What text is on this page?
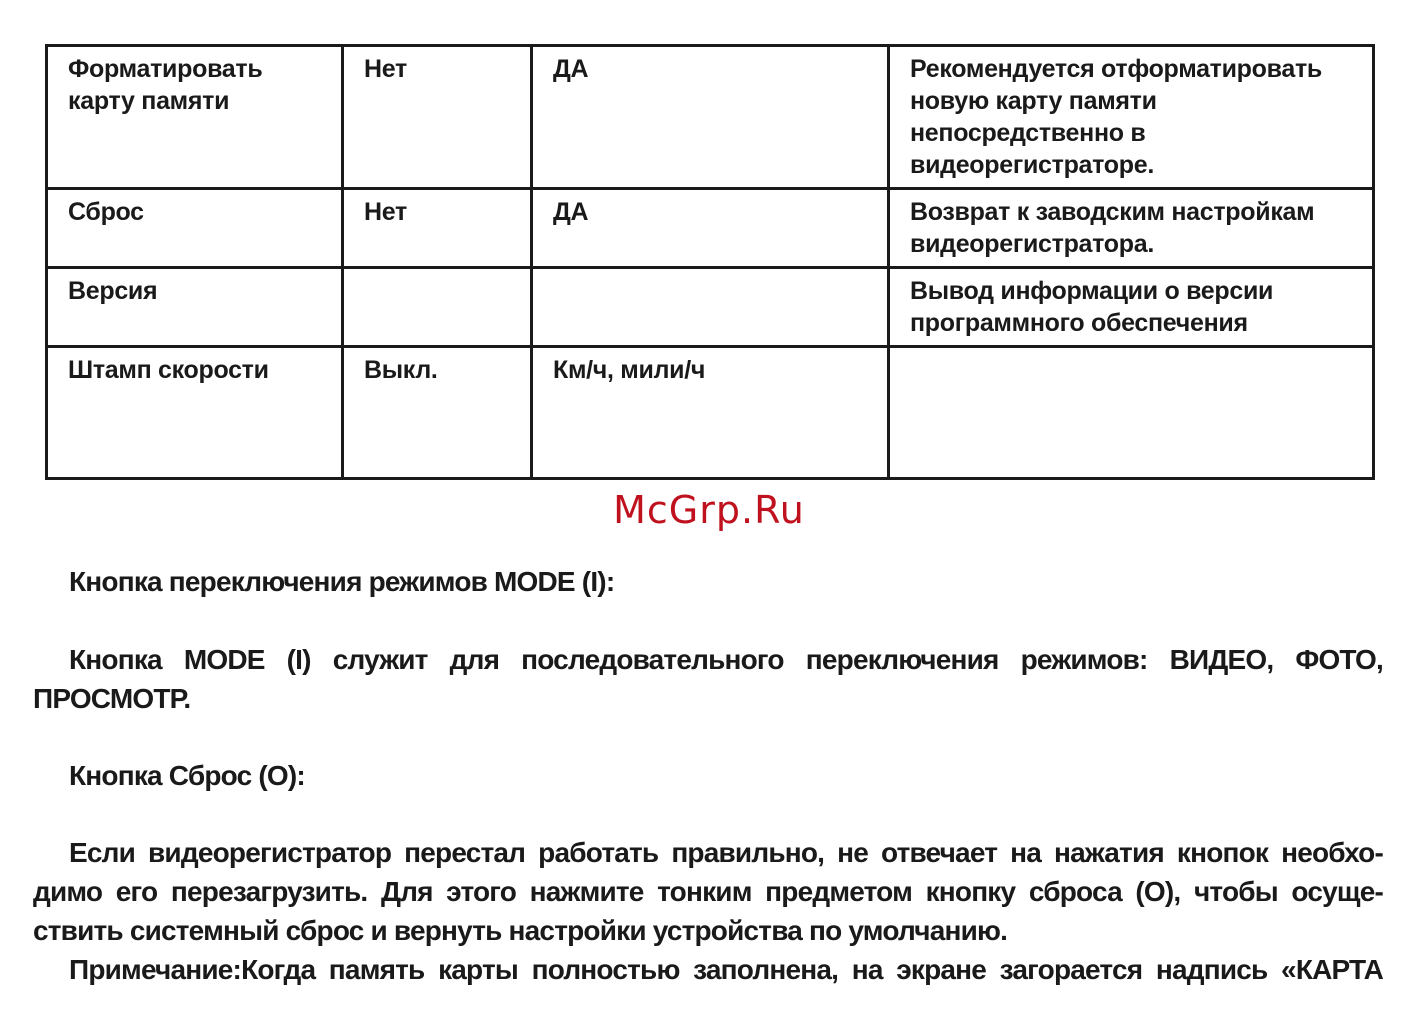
Форматировать карту памяти	Нет	ДА	Рекомендуется отформатировать новую карту памяти непосредственно в видеорегистраторе.
Сброс	Нет	ДА	Возврат к заводским настройкам видеорегистратора.
Версия			Вывод информации о версии программного обеспечения
Штамп скорости	Выкл.	Км/ч, мили/ч	
McGrp.Ru

Кнопка переключения режимов MODE (I):

Кнопка MODE (I) служит для последовательного переключения режимов: ВИДЕО, ФОТО,

ПРОСМОТР.

Кнопка Сброс (O):

Если видеорегистратор перестал работать правильно, не отвечает на нажатия кнопок необхо-

димо его перезагрузить. Для этого нажмите тонким предметом кнопку сброса (O), чтобы осуще-

ствить системный сброс и вернуть настройки устройства по умолчанию.

Примечание:Когда память карты полностью заполнена, на экране загорается надпись «КАРТА
